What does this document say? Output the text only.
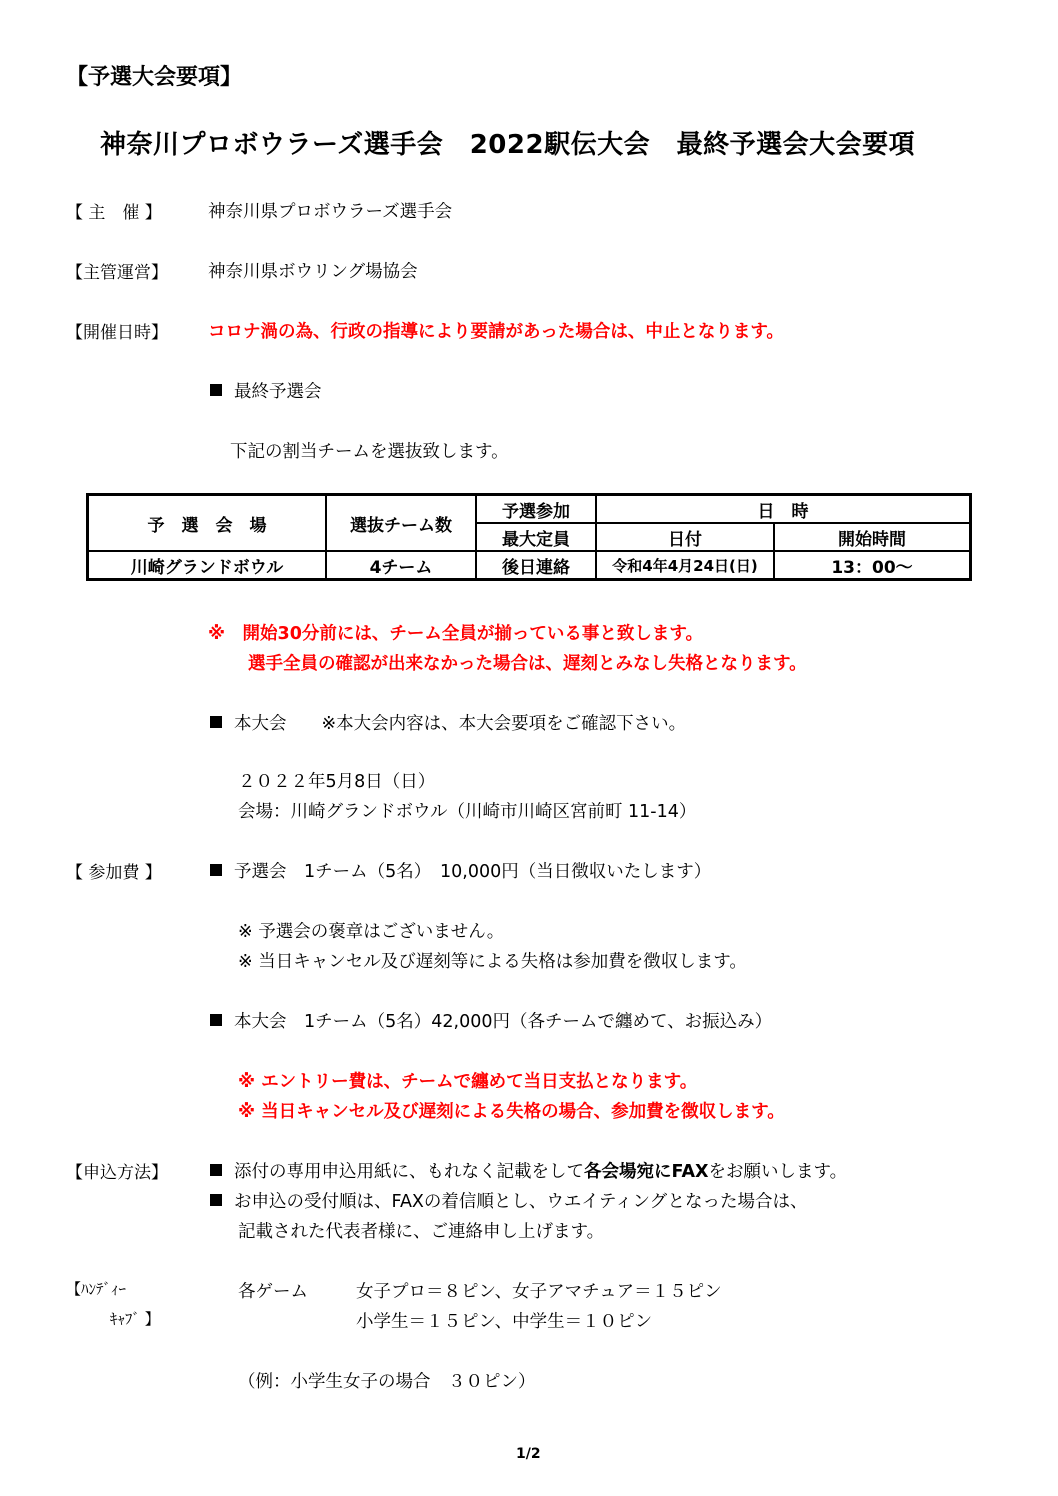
【予選大会要項】
神奈川プロボウラーズ選手会　2022駅伝大会　最終予選会大会要項
【 主　催 】	神奈川県プロボウラーズ選手会
【主管運営】 神奈川県ボウリング場協会
【開催日時】 コロナ渦の為、行政の指導により要請があった場合は、中止となります。
最終予選会
下記の割当チームを選抜致します。
予　選　会　場	選抜チーム数	予選参加	日　時	
		最大定員	日付	開始時間
川崎グランドボウル	4チーム	後日連絡	令和4年4月24日(日)	13：00～
※　開始30分前には、チーム全員が揃っている事と致します。
選手全員の確認が出来なかった場合は、遅刻とみなし失格となります。
本大会　　※本大会内容は、本大会要項をご確認下さい。
２０２２年5月8日（日）
会場：川崎グランドボウル（川崎市川崎区宮前町 11-14）
【 参加費 】	予選会　1チーム（5名）　10,000円（当日徴収いたします）
※ 予選会の褒章はございません。
※ 当日キャンセル及び遅刻等による失格は参加費を徴収します。
本大会　1チーム（5名）42,000円（各チームで纏めて、お振込み）
※ エントリー費は、チームで纏めて当日支払となります。
※ 当日キャンセル及び遅刻による失格の場合、参加費を徴収します。
【申込方法】	添付の専用申込用紙に、もれなく記載をして各会場宛にFAXをお願いします。
お申込の受付順は、FAXの着信順とし、ウエイティングとなった場合は、
記載された代表者様に、ご連絡申し上げます。
【ﾊﾝﾃﾞｨｰ
ｷｬﾌﾞ 】
各ゲーム	女子プロ＝８ピン、女子アマチュア＝１５ピン
小学生＝１５ピン、中学生＝１０ピン
（例：小学生女子の場合　３０ピン）
1/2
